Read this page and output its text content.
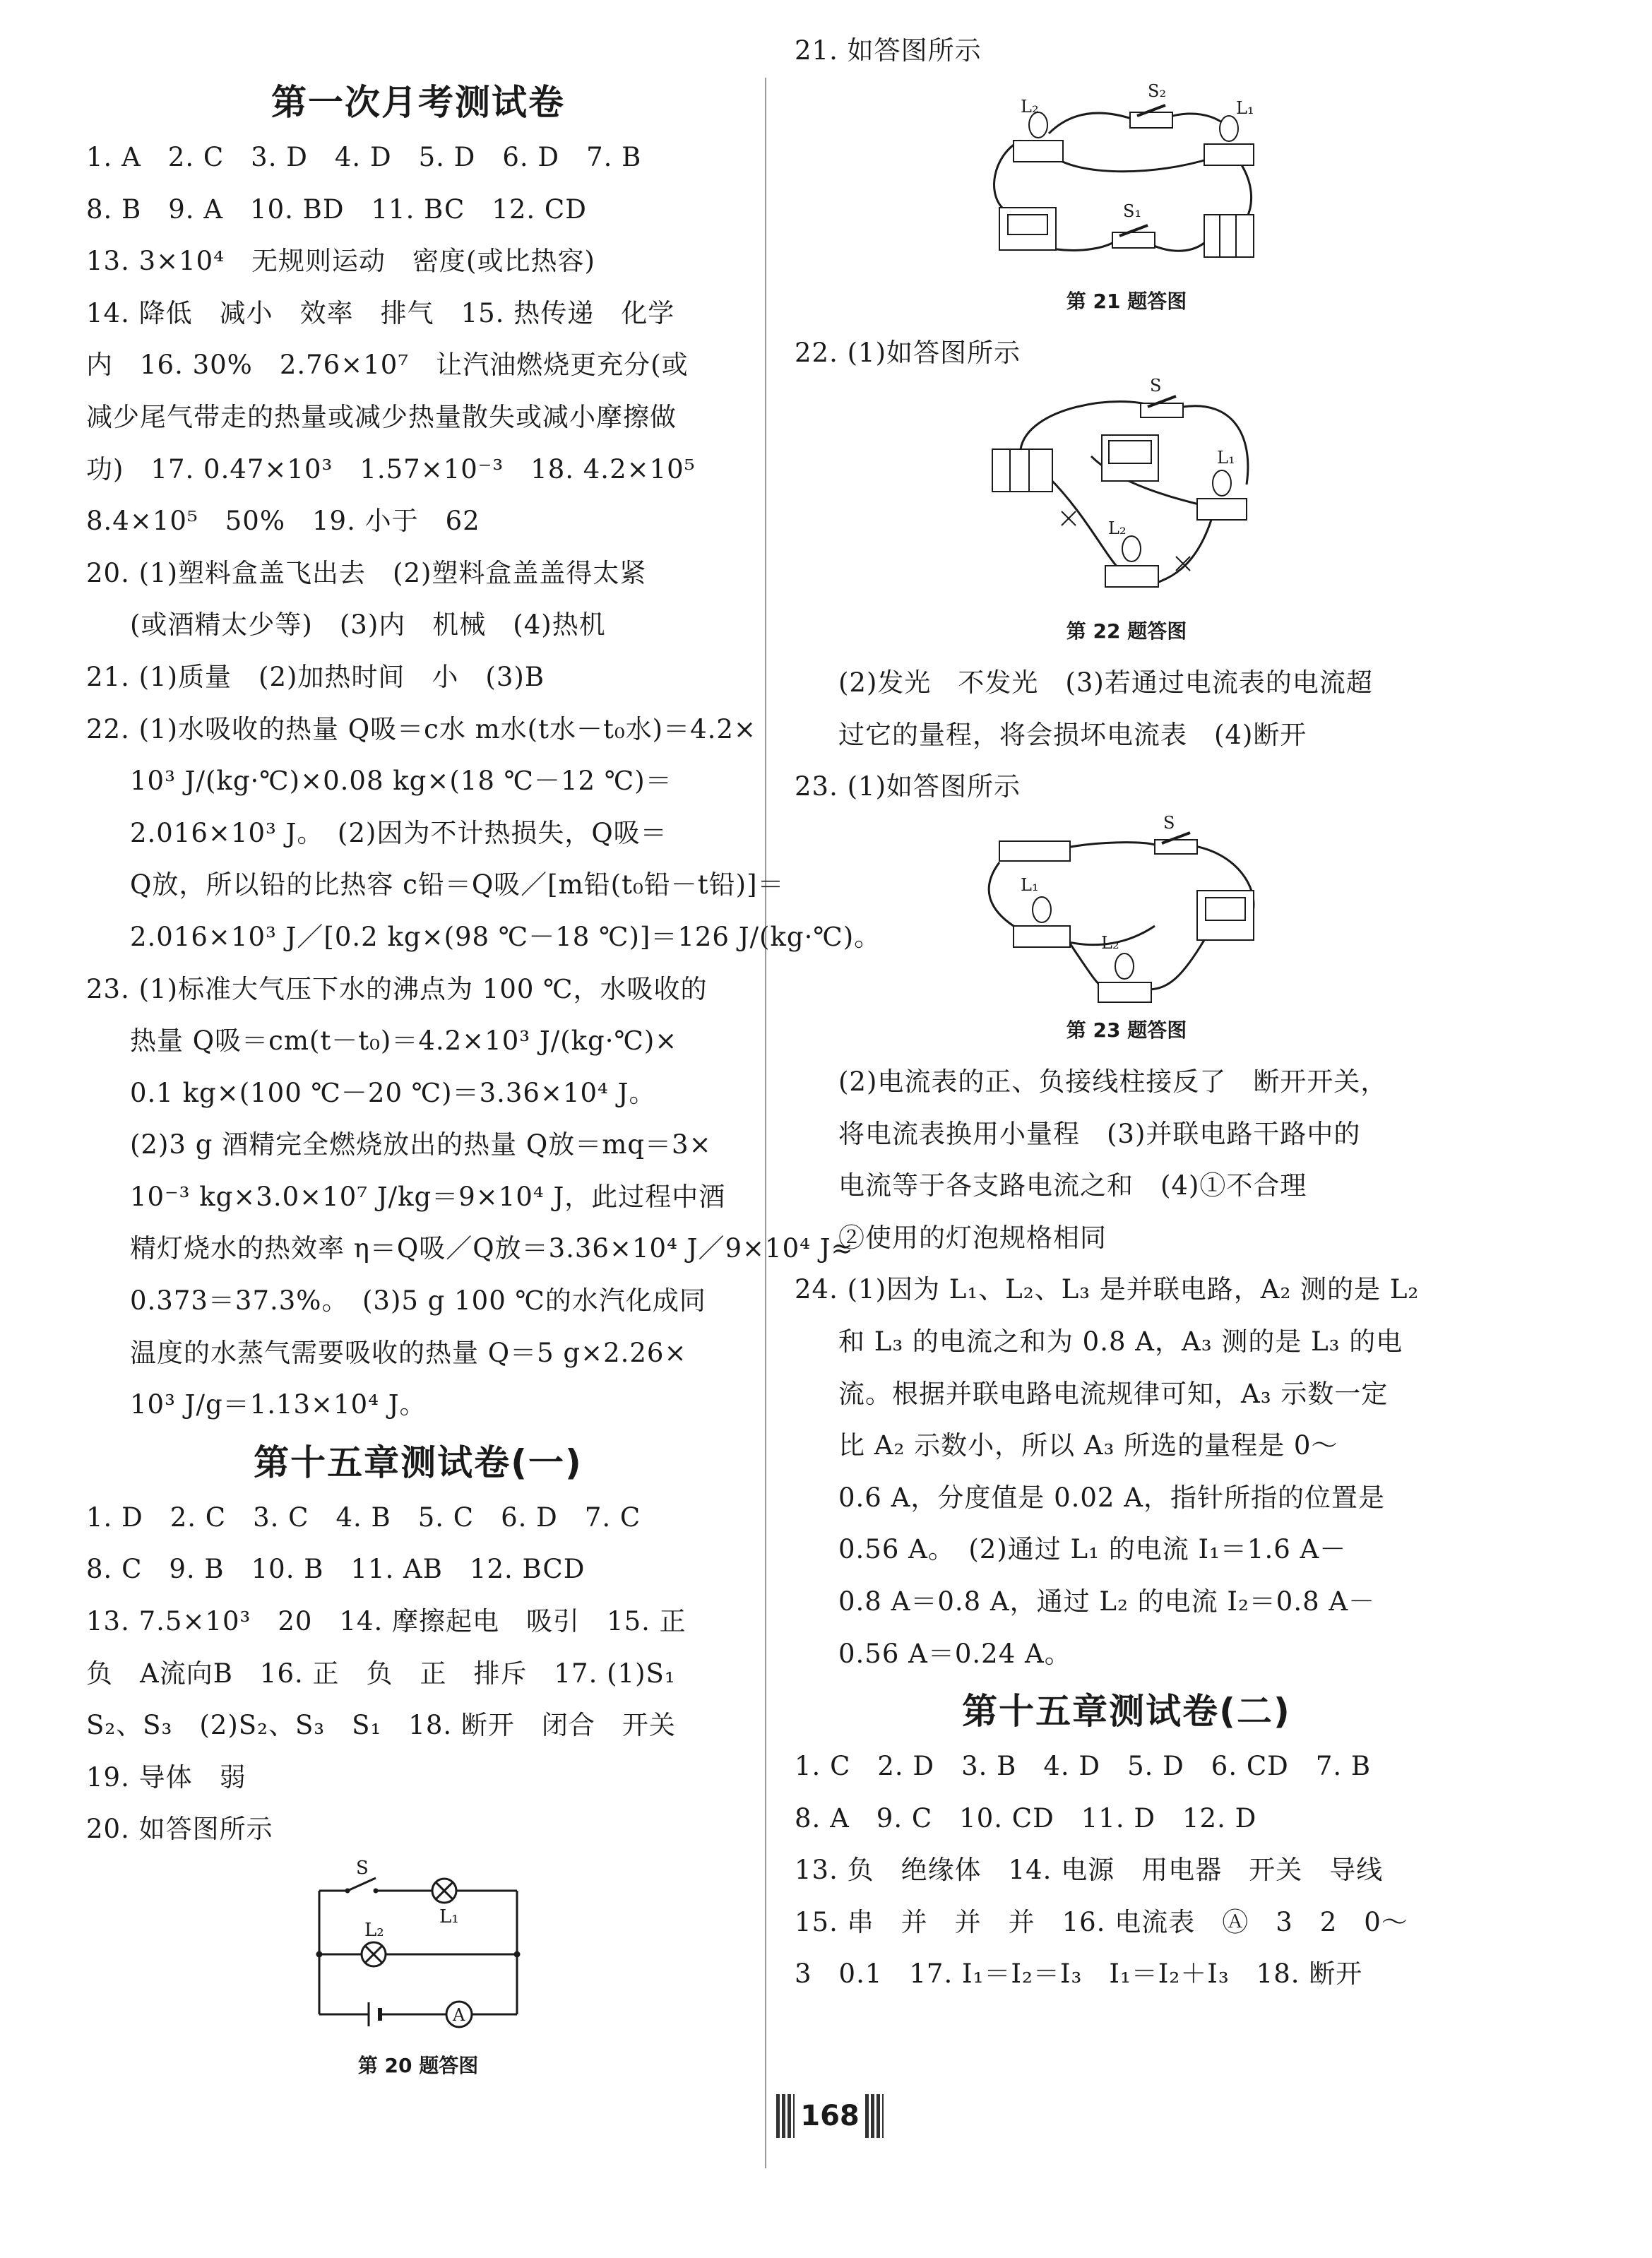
第一次月考测试卷
1. A　2. C　3. D　4. D　5. D　6. D　7. B
8. B　9. A　10. BD　11. BC　12. CD
13. 3×10⁴　无规则运动　密度(或比热容)
14. 降低　减小　效率　排气　15. 热传递　化学
内　16. 30%　2.76×10⁷　让汽油燃烧更充分(或
减少尾气带走的热量或减少热量散失或减小摩擦做
功)　17. 0.47×10³　1.57×10⁻³　18. 4.2×10⁵
8.4×10⁵　50%　19. 小于　62
20. (1)塑料盒盖飞出去　(2)塑料盒盖盖得太紧
(或酒精太少等)　(3)内　机械　(4)热机
21. (1)质量　(2)加热时间　小　(3)B
22. (1)水吸收的热量 Q吸＝c水 m水(t水－t₀水)＝4.2×
10³ J/(kg·℃)×0.08 kg×(18 ℃－12 ℃)＝
2.016×10³ J。　(2)因为不计热损失，Q吸＝
Q放，所以铅的比热容 c铅＝Q吸／[m铅(t₀铅－t铅)]＝
2.016×10³ J／[0.2 kg×(98 ℃－18 ℃)]＝126 J/(kg·℃)。
23. (1)标准大气压下水的沸点为 100 ℃，水吸收的
热量 Q吸＝cm(t－t₀)＝4.2×10³ J/(kg·℃)×
0.1 kg×(100 ℃－20 ℃)＝3.36×10⁴ J。
(2)3 g 酒精完全燃烧放出的热量 Q放＝mq＝3×
10⁻³ kg×3.0×10⁷ J/kg＝9×10⁴ J，此过程中酒
精灯烧水的热效率 η＝Q吸／Q放＝3.36×10⁴ J／9×10⁴ J≈
0.373＝37.3%。　(3)5 g 100 ℃的水汽化成同
温度的水蒸气需要吸收的热量 Q＝5 g×2.26×
10³ J/g＝1.13×10⁴ J。
第十五章测试卷(一)
1. D　2. C　3. C　4. B　5. C　6. D　7. C
8. C　9. B　10. B　11. AB　12. BCD
13. 7.5×10³　20　14. 摩擦起电　吸引　15. 正
负　A流向B　16. 正　负　正　排斥　17. (1)S₁
S₂、S₃　(2)S₂、S₃　S₁　18. 断开　闭合　开关
19. 导体　弱
20. 如答图所示
S
L₁
L₂
A
第 20 题答图
21. 如答图所示
L₂
S₂
L₁
S₁
第 21 题答图
22. (1)如答图所示
S
L₁
L₂
第 22 题答图
(2)发光　不发光　(3)若通过电流表的电流超
过它的量程，将会损坏电流表　(4)断开
23. (1)如答图所示
S
L₁
L₂
第 23 题答图
(2)电流表的正、负接线柱接反了　断开开关，
将电流表换用小量程　(3)并联电路干路中的
电流等于各支路电流之和　(4)①不合理
②使用的灯泡规格相同
24. (1)因为 L₁、L₂、L₃ 是并联电路，A₂ 测的是 L₂
和 L₃ 的电流之和为 0.8 A，A₃ 测的是 L₃ 的电
流。根据并联电路电流规律可知，A₃ 示数一定
比 A₂ 示数小，所以 A₃ 所选的量程是 0～
0.6 A，分度值是 0.02 A，指针所指的位置是
0.56 A。　(2)通过 L₁ 的电流 I₁＝1.6 A－
0.8 A＝0.8 A，通过 L₂ 的电流 I₂＝0.8 A－
0.56 A＝0.24 A。
第十五章测试卷(二)
1. C　2. D　3. B　4. D　5. D　6. CD　7. B
8. A　9. C　10. CD　11. D　12. D
13. 负　绝缘体　14. 电源　用电器　开关　导线
15. 串　并　并　并　16. 电流表　Ⓐ　3　2　0～
3　0.1　17. I₁＝I₂＝I₃　I₁＝I₂＋I₃　18. 断开
168
